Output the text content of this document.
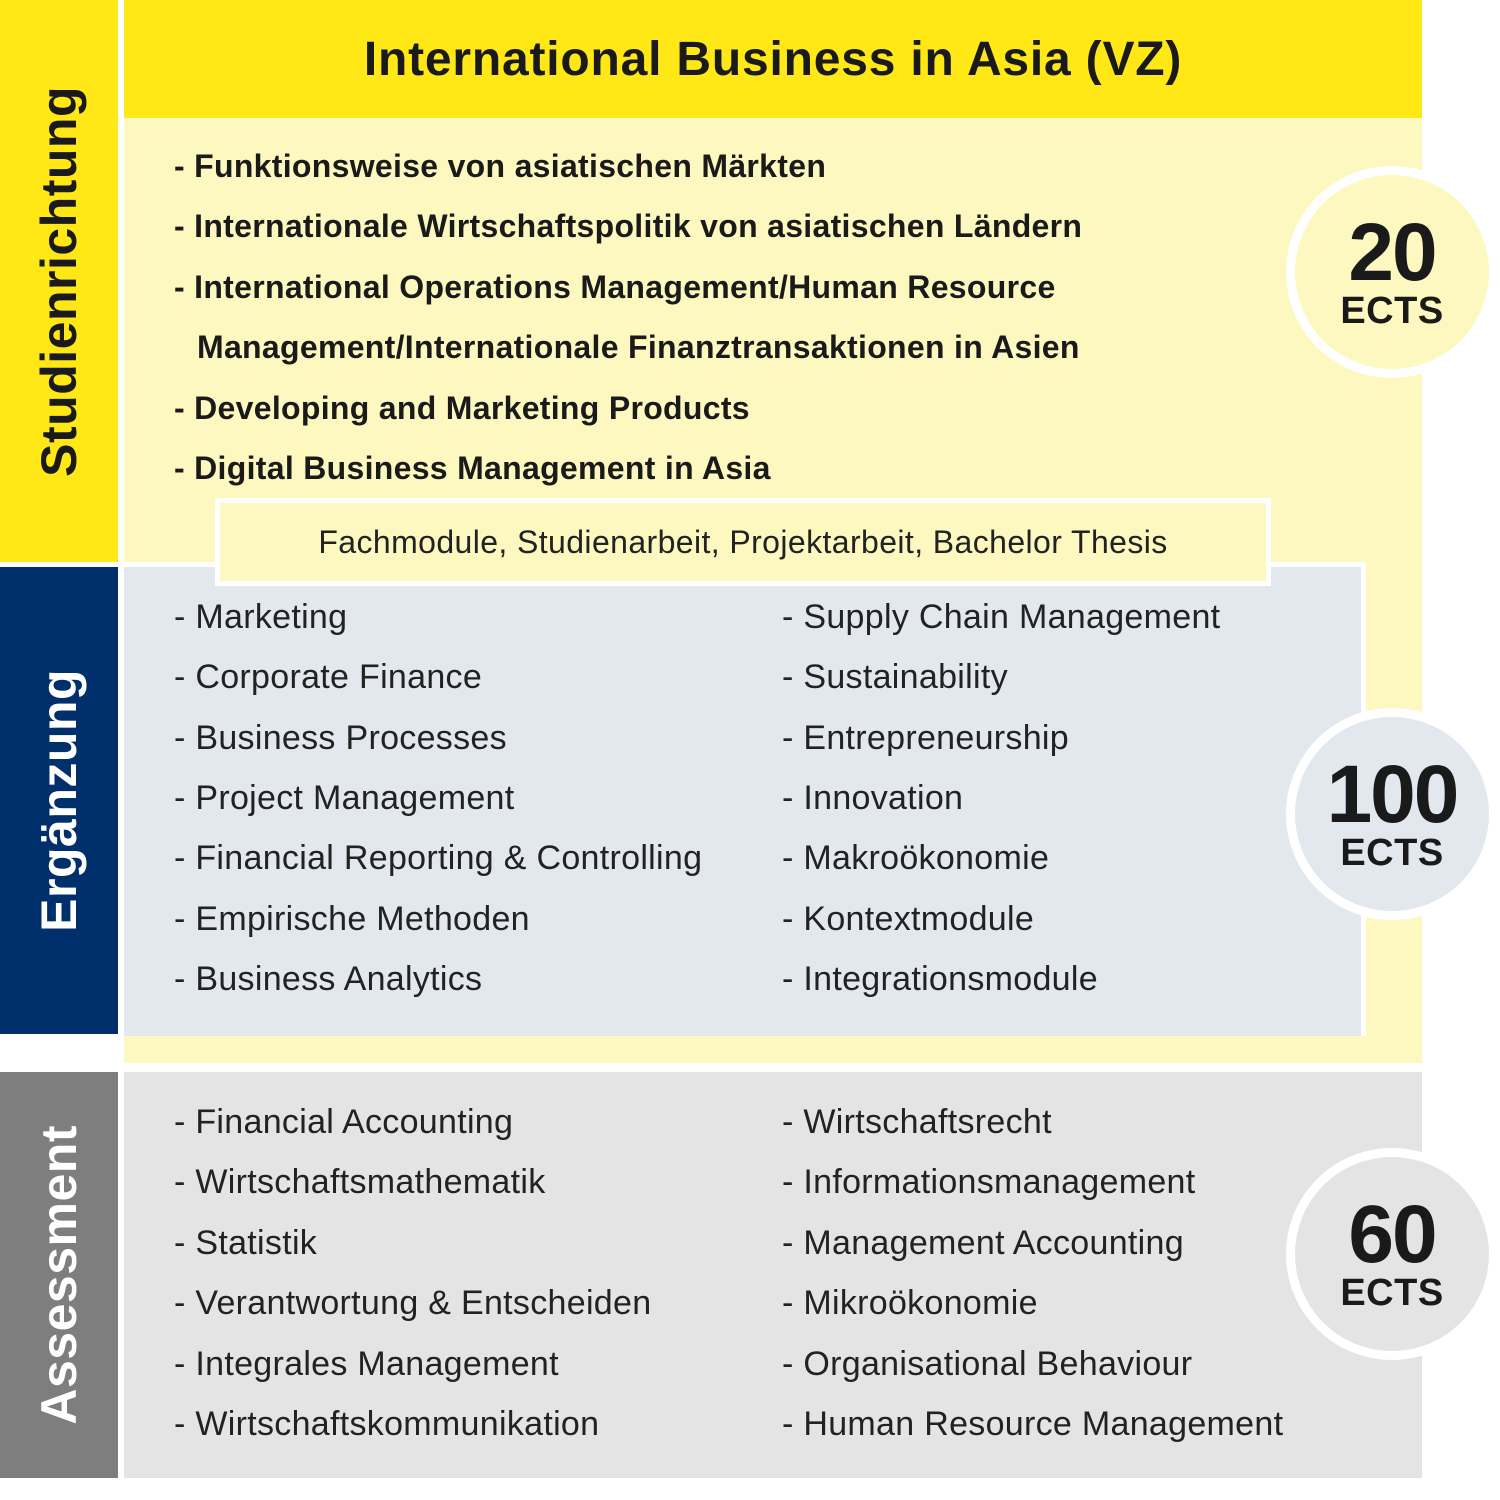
Studienrichtung
Ergänzung
Assessment
International Business in Asia (VZ)
- Funktionsweise von asiatischen Märkten
- Internationale Wirtschaftspolitik von asiatischen Ländern
- International Operations Management/Human Resource
Management/Internationale Finanztransaktionen in Asien
- Developing and Marketing Products
- Digital Business Management in Asia
Fachmodule, Studienarbeit, Projektarbeit, Bachelor Thesis
- Marketing
- Corporate Finance
- Business Processes
- Project Management
- Financial Reporting & Controlling
- Empirische Methoden
- Business Analytics
- Supply Chain Management
- Sustainability
- Entrepreneurship
- Innovation
- Makroökonomie
- Kontextmodule
- Integrationsmodule
- Financial Accounting
- Wirtschaftsmathematik
- Statistik
- Verantwortung & Entscheiden
- Integrales Management
- Wirtschaftskommunikation
- Wirtschaftsrecht
- Informationsmanagement
- Management Accounting
- Mikroökonomie
- Organisational Behaviour
- Human Resource Management
20
ECTS
100
ECTS
60
ECTS
